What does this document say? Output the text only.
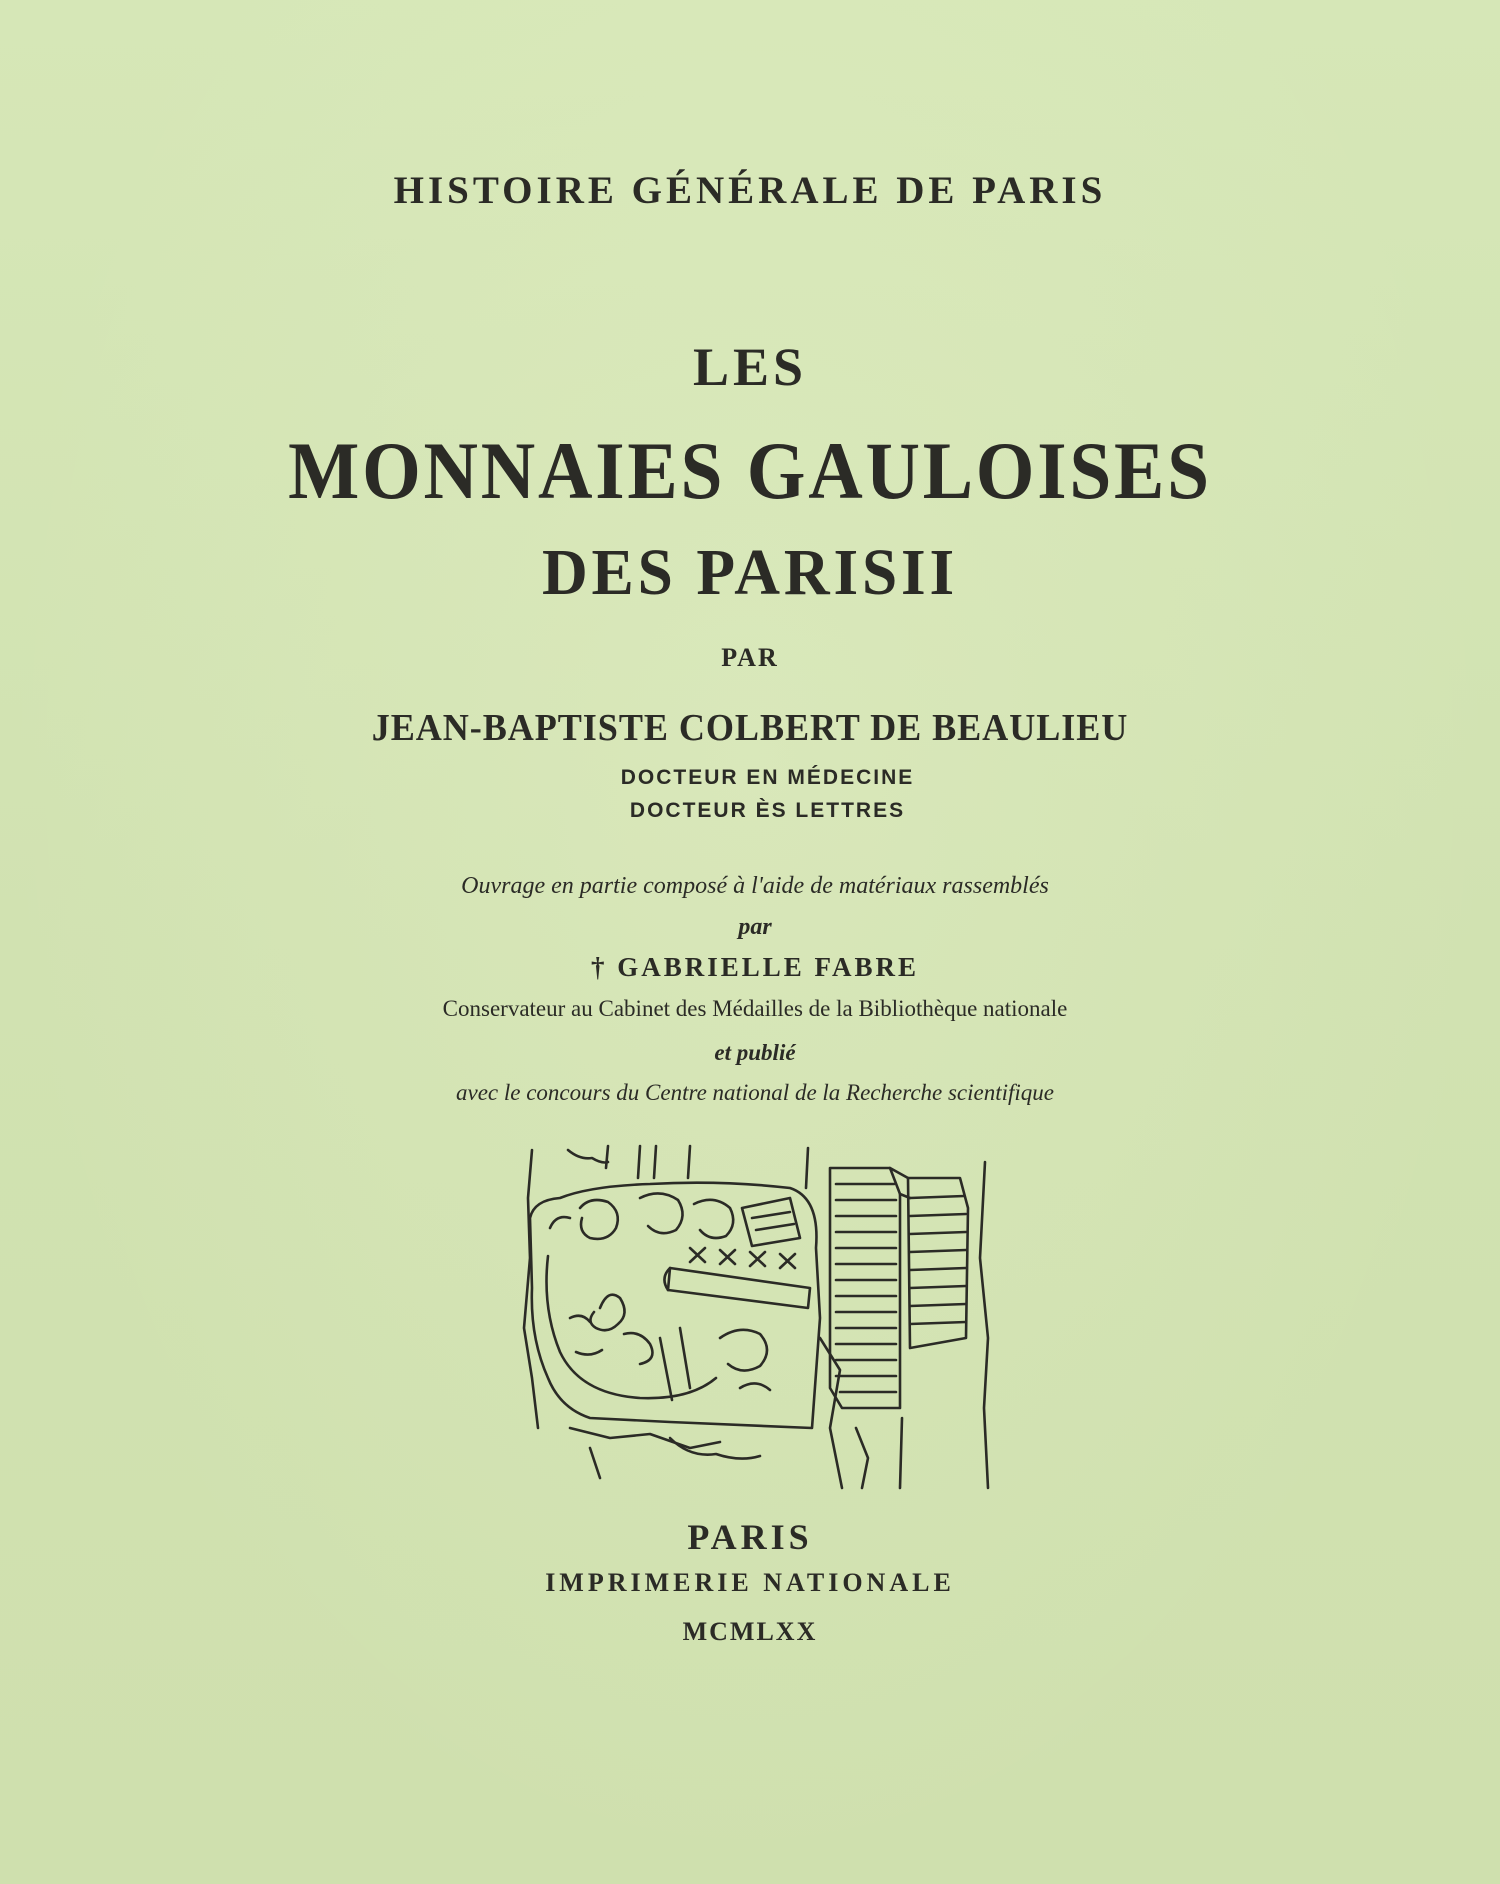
HISTOIRE GÉNÉRALE DE PARIS
LES
MONNAIES GAULOISES
DES PARISII
PAR
JEAN-BAPTISTE COLBERT DE BEAULIEU
DOCTEUR EN MÉDECINE
DOCTEUR ÈS LETTRES
Ouvrage en partie composé à l'aide de matériaux rassemblés
par
† GABRIELLE FABRE
Conservateur au Cabinet des Médailles de la Bibliothèque nationale
et publié
avec le concours du Centre national de la Recherche scientifique
PARIS
IMPRIMERIE NATIONALE
MCMLXX
